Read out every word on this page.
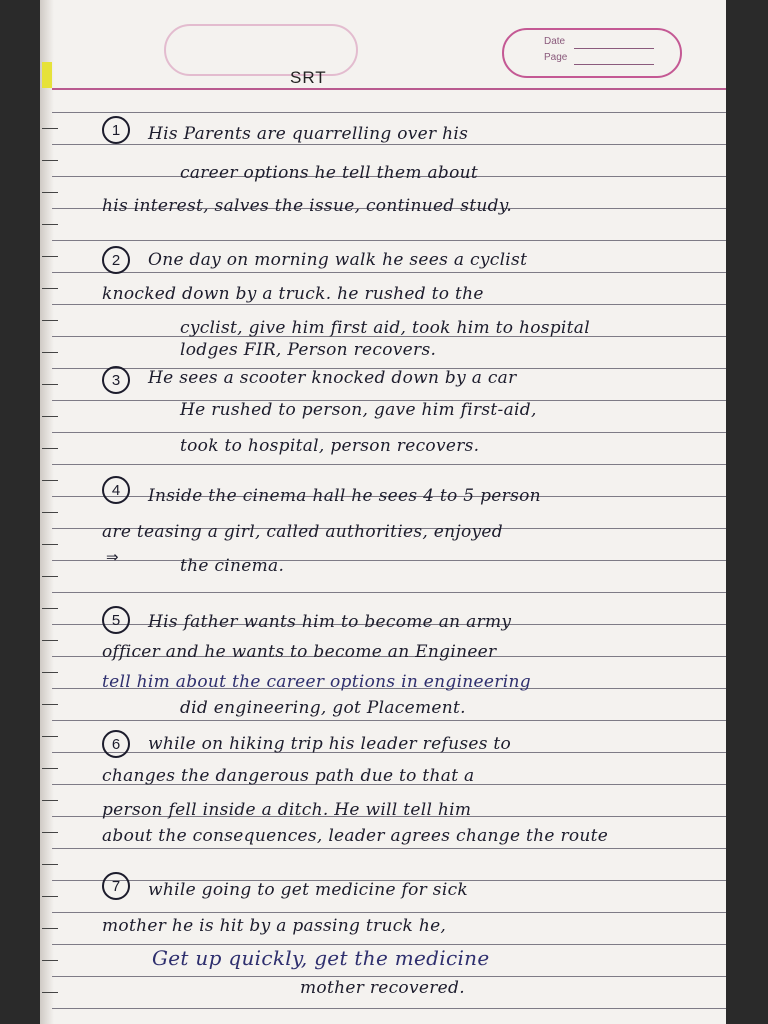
Date
Page
SRT
1	His Parents are quarrelling over his
career options he tell them about
his interest, salves the issue, continued study.
2	One day on morning walk he sees a cyclist
knocked down by a truck. he rushed to the
cyclist, give him first aid, took him to hospital
lodges FIR, Person recovers.
3	He sees a scooter knocked down by a car
He rushed to person, gave him first-aid,
took to hospital, person recovers.
4	Inside the cinema hall he sees 4 to 5 person
are teasing a girl, called authorities, enjoyed
⇒	the cinema.
5	His father wants him to become an army
officer and he wants to become an Engineer
tell him about the career options in engineering
did engineering, got Placement.
6	while on hiking trip his leader refuses to
changes the dangerous path due to that a
person fell inside a ditch. He will tell him
about the consequences, leader agrees change the route
7	while going to get medicine for sick
mother he is hit by a passing truck he,
Get up quickly, get the medicine
mother recovered.
